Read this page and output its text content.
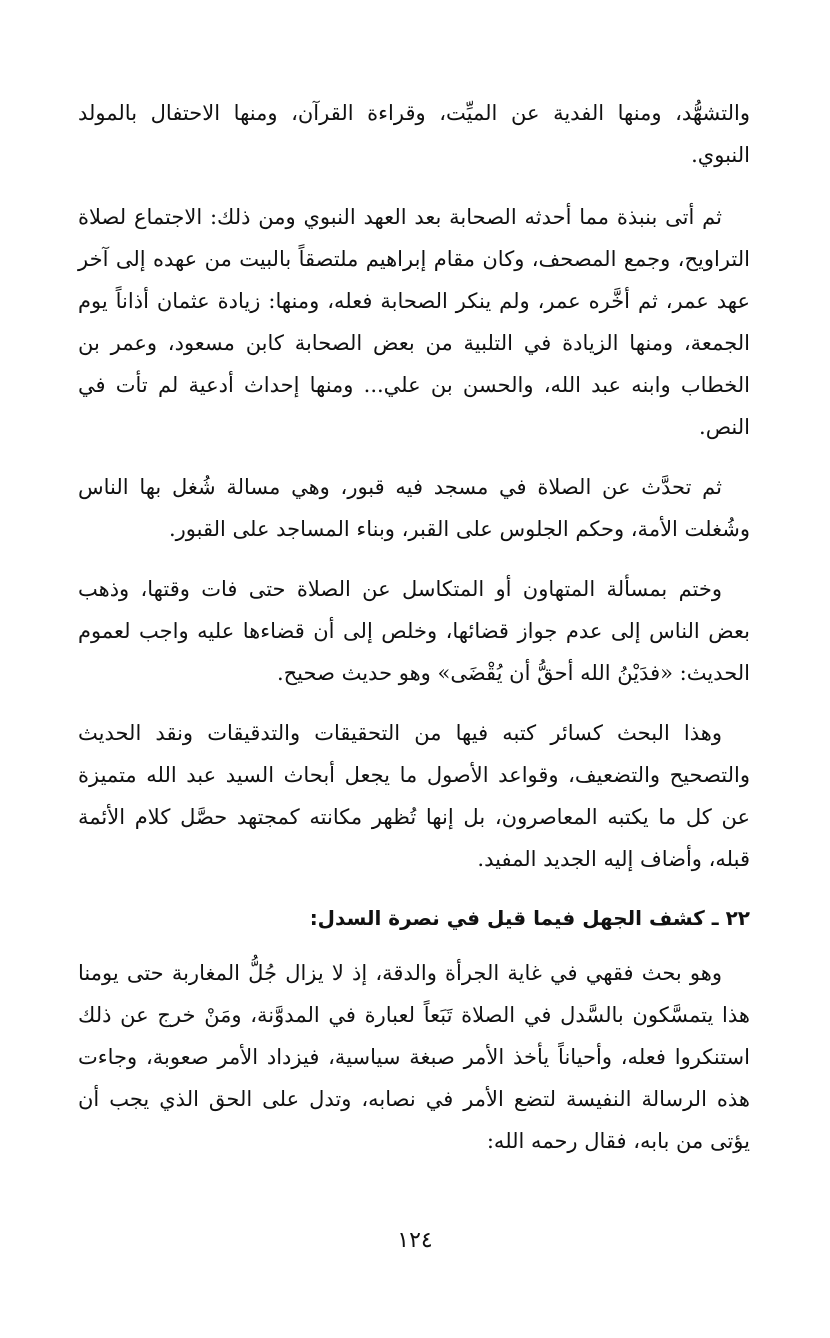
والتشهُّد، ومنها الفدية عن الميِّت، وقراءة القرآن، ومنها الاحتفال بالمولد النبوي.

ثم أتى بنبذة مما أحدثه الصحابة بعد العهد النبوي ومن ذلك: الاجتماع لصلاة التراويح، وجمع المصحف، وكان مقام إبراهيم ملتصقاً بالبيت من عهده إلى آخر عهد عمر، ثم أخَّره عمر، ولم ينكر الصحابة فعله، ومنها: زيادة عثمان أذاناً يوم الجمعة، ومنها الزيادة في التلبية من بعض الصحابة كابن مسعود، وعمر بن الخطاب وابنه عبد الله، والحسن بن علي... ومنها إحداث أدعية لم تأت في النص.

ثم تحدَّث عن الصلاة في مسجد فيه قبور، وهي مسالة شُغل بها الناس وشُغلت الأمة، وحكم الجلوس على القبر، وبناء المساجد على القبور.

وختم بمسألة المتهاون أو المتكاسل عن الصلاة حتى فات وقتها، وذهب بعض الناس إلى عدم جواز قضائها، وخلص إلى أن قضاءها عليه واجب لعموم الحديث: «فدَيْنُ الله أحقُّ أن يُقْضَى» وهو حديث صحيح.

وهذا البحث كسائر كتبه فيها من التحقيقات والتدقيقات ونقد الحديث والتصحيح والتضعيف، وقواعد الأصول ما يجعل أبحاث السيد عبد الله متميزة عن كل ما يكتبه المعاصرون، بل إنها تُظهر مكانته كمجتهد حصَّل كلام الأئمة قبله، وأضاف إليه الجديد المفيد.

٢٢ ـ كشف الجهل فيما قيل في نصرة السدل:

وهو بحث فقهي في غاية الجرأة والدقة، إذ لا يزال جُلُّ المغاربة حتى يومنا هذا يتمسَّكون بالسَّدل في الصلاة تَبَعاً لعبارة في المدوَّنة، ومَنْ خرج عن ذلك استنكروا فعله، وأحياناً يأخذ الأمر صبغة سياسية، فيزداد الأمر صعوبة، وجاءت هذه الرسالة النفيسة لتضع الأمر في نصابه، وتدل على الحق الذي يجب أن يؤتى من بابه، فقال رحمه الله:

١٢٤
